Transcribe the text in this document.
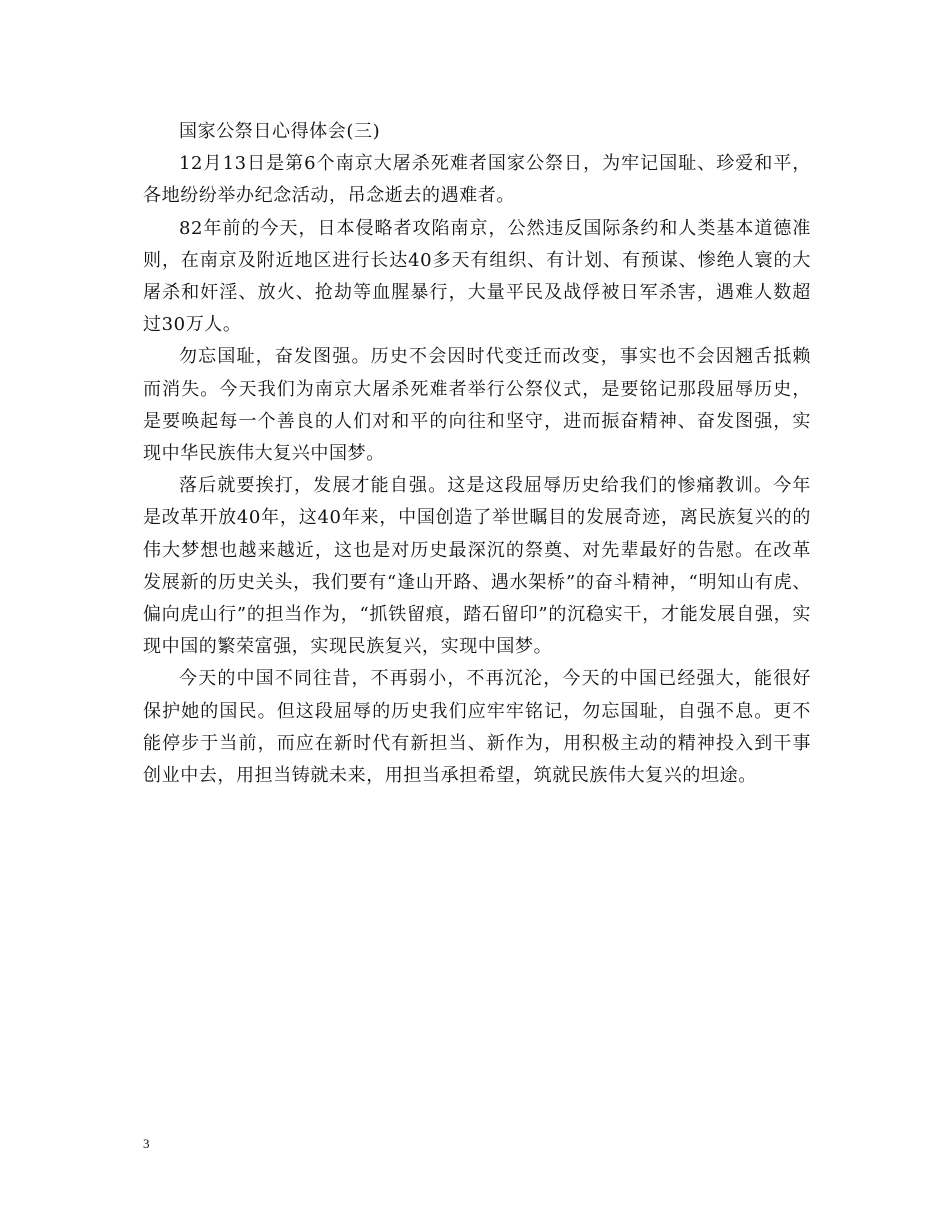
国家公祭日心得体会(三)

12月13日是第6个南京大屠杀死难者国家公祭日，为牢记国耻、珍爱和平，各地纷纷举办纪念活动，吊念逝去的遇难者。

82年前的今天，日本侵略者攻陷南京，公然违反国际条约和人类基本道德准则，在南京及附近地区进行长达40多天有组织、有计划、有预谋、惨绝人寰的大屠杀和奸淫、放火、抢劫等血腥暴行，大量平民及战俘被日军杀害，遇难人数超过30万人。

勿忘国耻，奋发图强。历史不会因时代变迁而改变，事实也不会因翘舌抵赖而消失。今天我们为南京大屠杀死难者举行公祭仪式，是要铭记那段屈辱历史，是要唤起每一个善良的人们对和平的向往和坚守，进而振奋精神、奋发图强，实现中华民族伟大复兴中国梦。

落后就要挨打，发展才能自强。这是这段屈辱历史给我们的惨痛教训。今年是改革开放40年，这40年来，中国创造了举世瞩目的发展奇迹，离民族复兴的的伟大梦想也越来越近，这也是对历史最深沉的祭奠、对先辈最好的告慰。在改革发展新的历史关头，我们要有“逢山开路、遇水架桥”的奋斗精神，“明知山有虎、偏向虎山行”的担当作为，“抓铁留痕，踏石留印”的沉稳实干，才能发展自强，实现中国的繁荣富强，实现民族复兴，实现中国梦。

今天的中国不同往昔，不再弱小，不再沉沦，今天的中国已经强大，能很好保护她的国民。但这段屈辱的历史我们应牢牢铭记，勿忘国耻，自强不息。更不能停步于当前，而应在新时代有新担当、新作为，用积极主动的精神投入到干事创业中去，用担当铸就未来，用担当承担希望，筑就民族伟大复兴的坦途。

3
